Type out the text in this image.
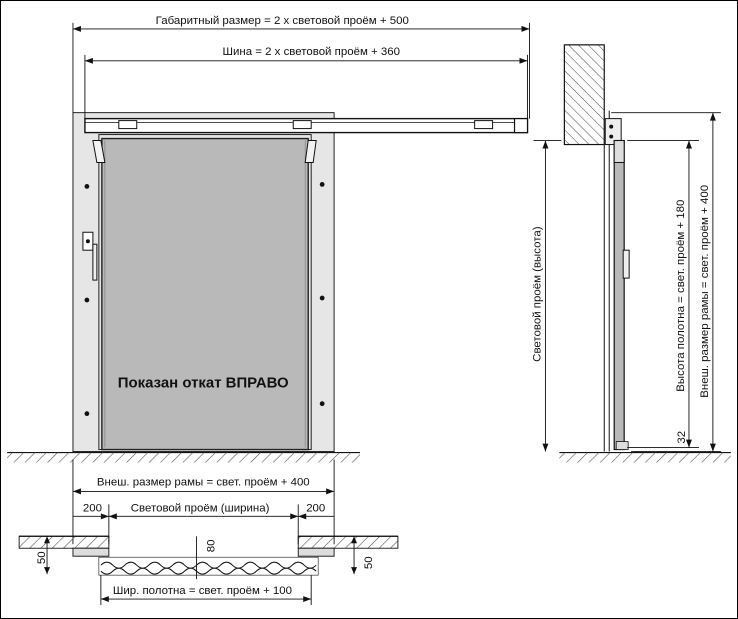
Показан откат ВПРАВО
Габаритный размер = 2 х световой проём + 500
Шина = 2 х световой проём + 360
Световой проём (высота)	Высота полотна = свет. проём + 180 Внеш. размер рамы = свет. проём + 400
32
Внеш. размер рамы = свет. проём + 400
200 Световой проём (ширина)	200
50	50
80
Шир. полотна = свет. проём + 100
